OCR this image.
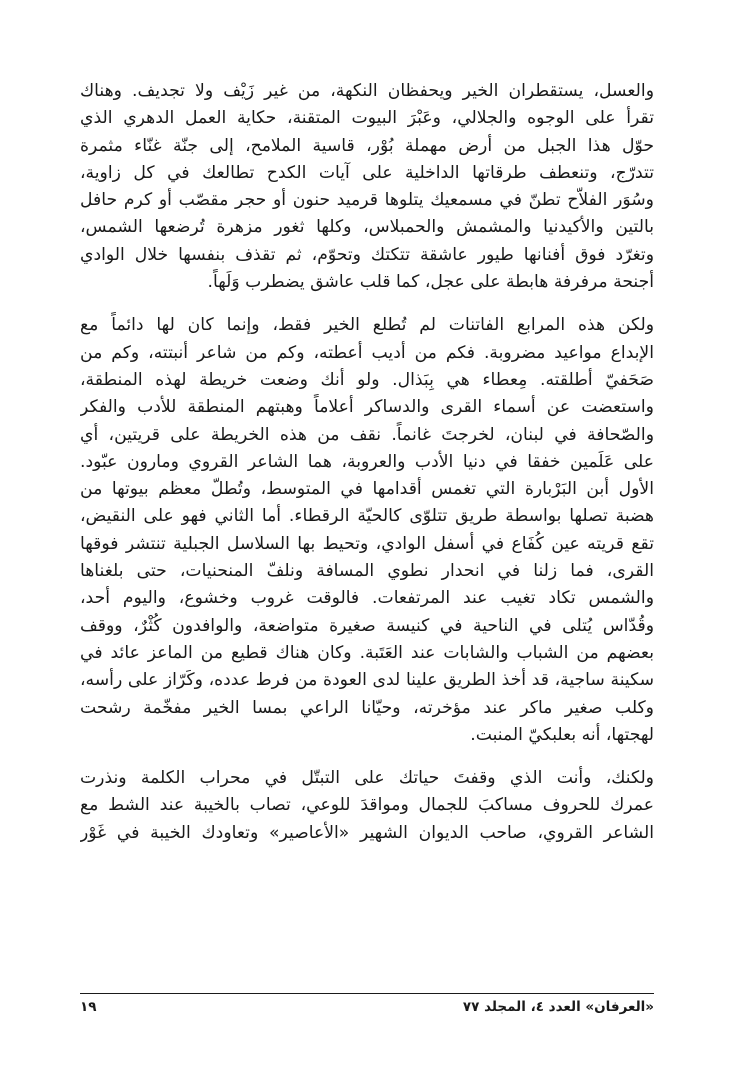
والعسل، يستقطران الخير ويحفظان النكهة، من غير زَيْف ولا تجديف. وهناك
تقرأ على الوجوه والجلالي، وعَبْرَ البيوت المتقنة، حكاية العمل الدهري الذي
حوّل هذا الجبل من أرض مهملة بُوْر، قاسية الملامح، إلى جنّة غنّاء مثمرة
تتدرّج، وتنعطف طرقاتها الداخلية على آيات الكدح تطالعك في كل زاوية،
وسُوَر الفلاّح تطنّ في مسمعيك يتلوها قرميد حنون أو حجر مقصّب أو كرم حافل
بالتين والأكيدنيا والمشمش والحمبلاس، وكلها ثغور مزهرة تُرضعها الشمس،
وتغرّد فوق أفنانها طيور عاشقة تتكتك وتحوّم، ثم تقذف بنفسها خلال الوادي
أجنحة مرفرفة هابطة على عجل، كما قلب عاشق يضطرب وَلَهاً.

ولكن هذه المرابع الفاتنات لم تُطلع الخير فقط، وإنما كان لها دائماً مع
الإبداع مواعيد مضروبة. فكم من أديب أعطته، وكم من شاعر أنبتته، وكم من
صَحَفيّ أطلقته. مِعطاء هي بِبَذال. ولو أنك وضعت خريطة لهذه المنطقة،
واستعضت عن أسماء القرى والدساكر أعلاماً وهبتهم المنطقة للأدب والفكر
والصّحافة في لبنان، لخرجتَ غانماً. نقف من هذه الخريطة على قريتين، أي
على عَلَمين خفقا في دنيا الأدب والعروبة، هما الشاعر القروي ومارون عبّود.
الأول أبن البَرْبارة التي تغمس أقدامها في المتوسط، وتُطلّ معظم بيوتها من
هضبة تصلها بواسطة طريق تتلوّى كالحيّة الرقطاء. أما الثاني فهو على النقيض،
تقع قريته عين كُفَاع في أسفل الوادي، وتحيط بها السلاسل الجبلية تنتشر فوقها
القرى، فما زلنا في انحدار نطوي المسافة ونلفّ المنحنيات، حتى بلغناها
والشمس تكاد تغيب عند المرتفعات. فالوقت غروب وخشوع، واليوم أحد،
وقُدّاس يُتلى في الناحية في كنيسة صغيرة متواضعة، والوافدون كُثْرٌ، ووقف
بعضهم من الشباب والشابات عند العَتَبة. وكان هناك قطيع من الماعز عائد في
سكينة ساجية، قد أخذ الطريق علينا لدى العودة من فرط عدده، وكَرّاز على رأسه،
وكلب صغير ماكر عند مؤخرته، وحيّانا الراعي بمسا الخير مفخّمة رشحت
لهجتها، أنه بعلبكيّ المنبت.

ولكنك، وأنت الذي وقفتَ حياتك على التبتّل في محراب الكلمة ونذرت
عمرك للحروف مساكبَ للجمال ومواقدَ للوعي، تصاب بالخيبة عند الشط مع
الشاعر القروي، صاحب الديوان الشهير «الأعاصير» وتعاودك الخيبة في غَوْر

«العرفان» العدد ٤، المجلد ٧٧
١٩
